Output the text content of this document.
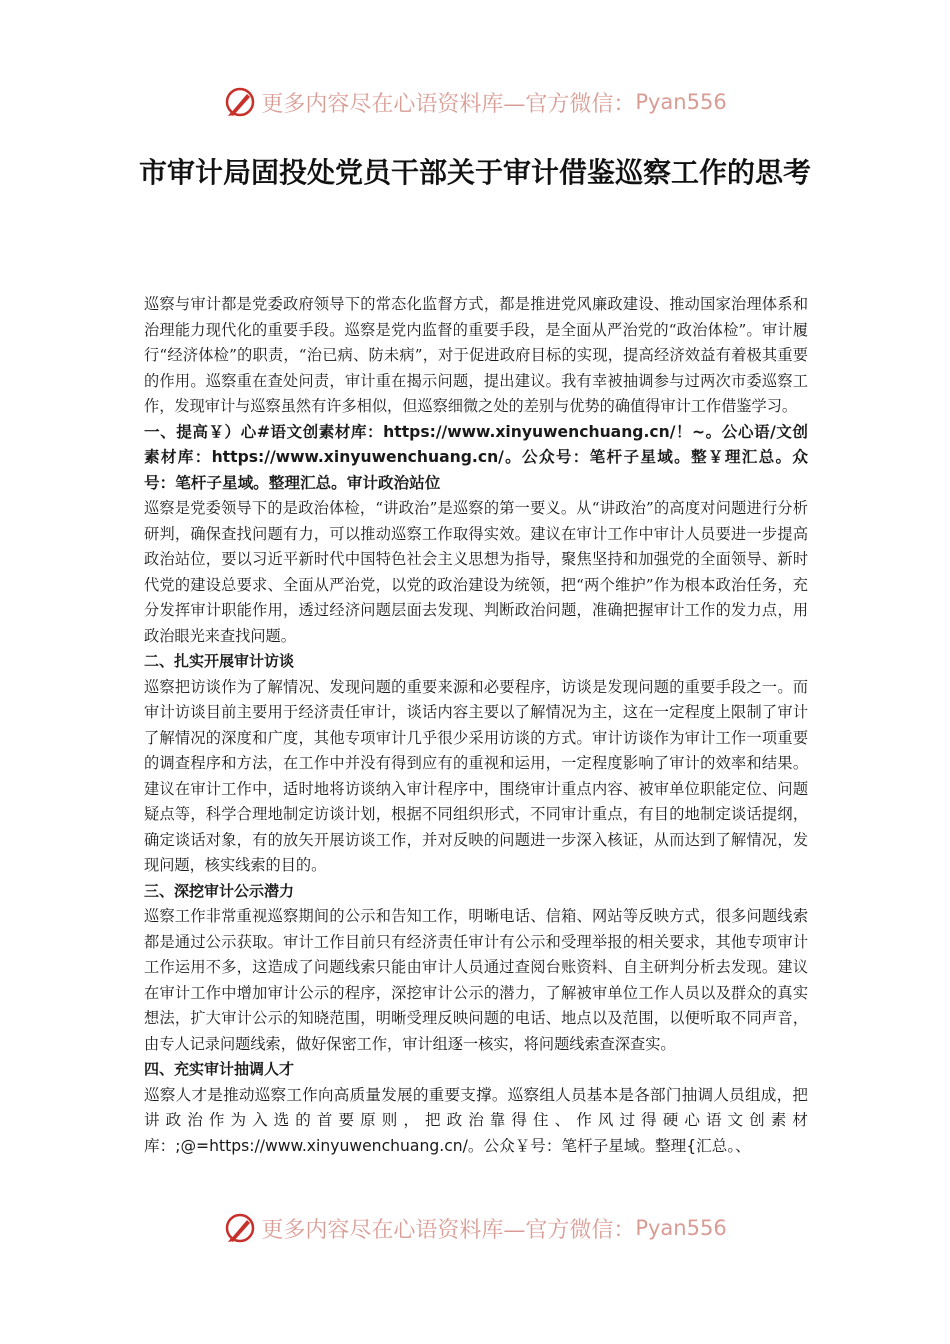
更多内容尽在心语资料库—官方微信： Pyan556
市审计局固投处党员干部关于审计借鉴巡察工作的思考

巡察与审计都是党委政府领导下的常态化监督方式，都是推进党风廉政建设、推动国家治理体系和治理能力现代化的重要手段。巡察是党内监督的重要手段，是全面从严治党的“政治体检”。审计履行“经济体检”的职责，“治已病、防未病”，对于促进政府目标的实现，提高经济效益有着极其重要的作用。巡察重在查处问责，审计重在揭示问题，提出建议。我有幸被抽调参与过两次市委巡察工作，发现审计与巡察虽然有许多相似，但巡察细微之处的差别与优势的确值得审计工作借鉴学习。

一、提高￥）心#语文创素材库：https://www.xinyuwenchuang.cn/！~。公心语/文创素材库：https://www.xinyuwenchuang.cn/。公众号：笔杆子星域。整￥理汇总。众号：笔杆子星域。整理汇总。审计政治站位

巡察是党委领导下的是政治体检，“讲政治”是巡察的第一要义。从“讲政治”的高度对问题进行分析研判，确保查找问题有力，可以推动巡察工作取得实效。建议在审计工作中审计人员要进一步提高政治站位，要以习近平新时代中国特色社会主义思想为指导，聚焦坚持和加强党的全面领导、新时代党的建设总要求、全面从严治党，以党的政治建设为统领，把“两个维护”作为根本政治任务，充分发挥审计职能作用，透过经济问题层面去发现、判断政治问题，准确把握审计工作的发力点，用政治眼光来查找问题。

二、扎实开展审计访谈

巡察把访谈作为了解情况、发现问题的重要来源和必要程序，访谈是发现问题的重要手段之一。而审计访谈目前主要用于经济责任审计，谈话内容主要以了解情况为主，这在一定程度上限制了审计了解情况的深度和广度，其他专项审计几乎很少采用访谈的方式。审计访谈作为审计工作一项重要的调查程序和方法，在工作中并没有得到应有的重视和运用，一定程度影响了审计的效率和结果。建议在审计工作中，适时地将访谈纳入审计程序中，围绕审计重点内容、被审单位职能定位、问题疑点等，科学合理地制定访谈计划，根据不同组织形式，不同审计重点，有目的地制定谈话提纲，确定谈话对象，有的放矢开展访谈工作，并对反映的问题进一步深入核证，从而达到了解情况，发现问题，核实线索的目的。

三、深挖审计公示潜力

巡察工作非常重视巡察期间的公示和告知工作，明晰电话、信箱、网站等反映方式，很多问题线索都是通过公示获取。审计工作目前只有经济责任审计有公示和受理举报的相关要求，其他专项审计工作运用不多，这造成了问题线索只能由审计人员通过查阅台账资料、自主研判分析去发现。建议在审计工作中增加审计公示的程序，深挖审计公示的潜力，了解被审单位工作人员以及群众的真实想法，扩大审计公示的知晓范围，明晰受理反映问题的电话、地点以及范围，以便听取不同声音，由专人记录问题线索，做好保密工作，审计组逐一核实，将问题线索查深查实。

四、充实审计抽调人才

巡察人才是推动巡察工作向高质量发展的重要支撑。巡察组人员基本是各部门抽调人员组成，把讲政治作为入选的首要原则，把政治靠得住、作风过得硬心语文创素材库：;@=https://www.xinyuwenchuang.cn/。公众￥号：笔杆子星域。整理{汇总。、

更多内容尽在心语资料库—官方微信： Pyan556
